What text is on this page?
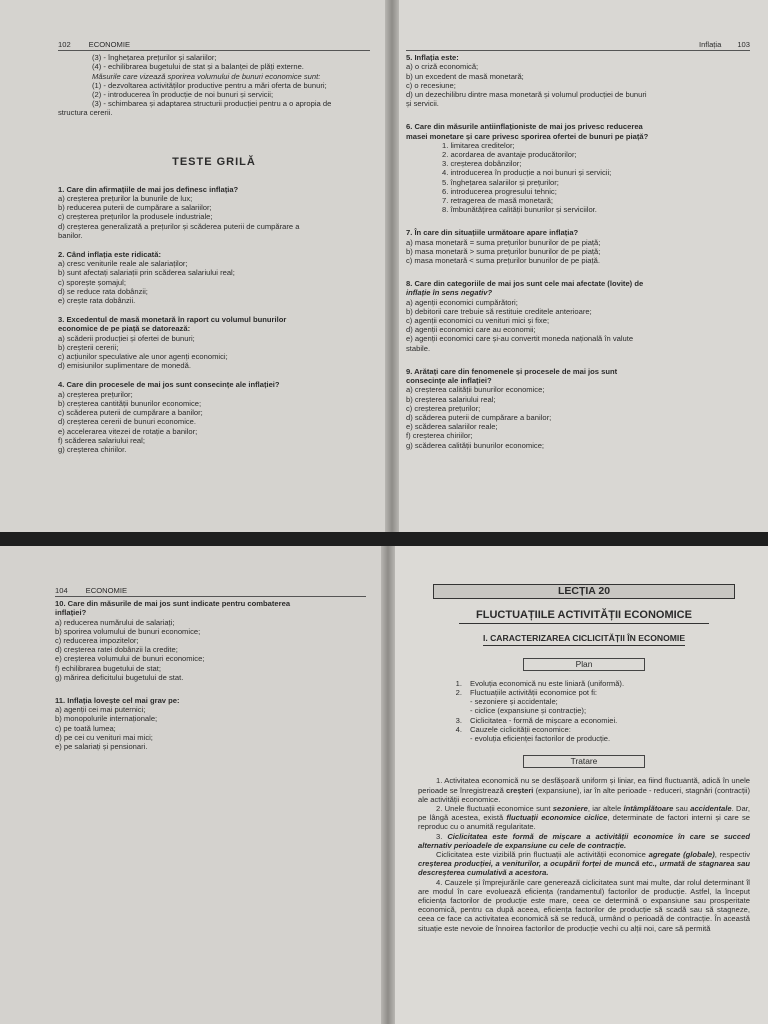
102 ECONOMIE
(3) - înghețarea prețurilor și salariilor;
(4) - echilibrarea bugetului de stat și a balanței de plăți externe.
Măsurile care vizează sporirea volumului de bunuri economice sunt:
(1) - dezvoltarea activităților productive pentru a mări oferta de bunuri;
(2) - introducerea în producție de noi bunuri și servicii;
(3) - schimbarea și adaptarea structurii producției pentru a o apropia de
structura cererii.
TESTE GRILĂ
1. Care din afirmațiile de mai jos definesc inflația?
a) creșterea prețurilor la bunurile de lux;
b) reducerea puterii de cumpărare a salariilor;
c) creșterea prețurilor la produsele industriale;
d) creșterea generalizată a prețurilor și scăderea puterii de cumpărare a
banilor.
2. Când inflația este ridicată:
a) cresc veniturile reale ale salariaților;
b) sunt afectați salariații prin scăderea salariului real;
c) sporește șomajul;
d) se reduce rata dobânzii;
e) crește rata dobânzii.
3. Excedentul de masă monetară în raport cu volumul bunurilor
economice de pe piață se datorează:
a) scăderii producției și ofertei de bunuri;
b) creșterii cererii;
c) acțiunilor speculative ale unor agenți economici;
d) emisiunilor suplimentare de monedă.
4. Care din procesele de mai jos sunt consecințe ale inflației?
a) creșterea prețurilor;
b) creșterea cantității bunurilor economice;
c) scăderea puterii de cumpărare a banilor;
d) creșterea cererii de bunuri economice.
e) accelerarea vitezei de rotație a banilor;
f) scăderea salariului real;
g) creșterea chiriilor.
Inflația 103
5. Inflația este:
a) o criză economică;
b) un excedent de masă monetară;
c) o recesiune;
d) un dezechilibru dintre masa monetară și volumul producției de bunuri
și servicii.
6. Care din măsurile antiinflaționiste de mai jos privesc reducerea
masei monetare și care privesc sporirea ofertei de bunuri pe piață?
1. limitarea creditelor;
2. acordarea de avantaje producătorilor;
3. creșterea dobânzilor;
4. introducerea în producție a noi bunuri și servicii;
5. înghețarea salariilor și prețurilor;
6. introducerea progresului tehnic;
7. retragerea de masă monetară;
8. îmbunătățirea calității bunurilor și serviciilor.
7. În care din situațiile următoare apare inflația?
a) masa monetară = suma prețurilor bunurilor de pe piață;
b) masa monetară > suma prețurilor bunurilor de pe piață;
c) masa monetară < suma prețurilor bunurilor de pe piață.
8. Care din categoriile de mai jos sunt cele mai afectate (lovite) de
inflație în sens negativ?
a) agenții economici cumpărători;
b) debitorii care trebuie să restituie creditele anterioare;
c) agenții economici cu venituri mici și fixe;
d) agenții economici care au economii;
e) agenții economici care și-au convertit moneda națională în valute
stabile.
9. Arătați care din fenomenele și procesele de mai jos sunt
consecințe ale inflației?
a) creșterea calității bunurilor economice;
b) creșterea salariului real;
c) creșterea prețurilor;
d) scăderea puterii de cumpărare a banilor;
e) scăderea salariilor reale;
f) creșterea chiriilor;
g) scăderea calității bunurilor economice;
104 ECONOMIE
10. Care din măsurile de mai jos sunt indicate pentru combaterea
inflației?
a) reducerea numărului de salariați;
b) sporirea volumului de bunuri economice;
c) reducerea impozitelor;
d) creșterea ratei dobânzii la credite;
e) creșterea volumului de bunuri economice;
f) echilibrarea bugetului de stat;
g) mărirea deficitului bugetului de stat.
11. Inflația lovește cel mai grav pe:
a) agenții cei mai puternici;
b) monopolurile internaționale;
c) pe toată lumea;
d) pe cei cu venituri mai mici;
e) pe salariați și pensionari.
LECȚIA 20
FLUCTUAȚIILE ACTIVITĂȚII ECONOMICE
I. CARACTERIZAREA CICLICITĂȚII ÎN ECONOMIE
Plan
1.	Evoluția economică nu este liniară (uniformă).
2.	Fluctuațiile activității economice pot fi:
- sezoniere și accidentale;
- ciclice (expansiune și contracție);
3.	Ciclicitatea - formă de mișcare a economiei.
4.	Cauzele ciclicității economice:
- evoluția eficienței factorilor de producție.
Tratare

1. Activitatea economică nu se desfășoară uniform și liniar, ea fiind fluctuantă, adică în unele perioade se înregistrează creșteri (expansiune), iar în alte perioade - reduceri, stagnări (contracții) ale activității economice.

2. Unele fluctuații economice sunt sezoniere, iar altele întâmplătoare sau accidentale. Dar, pe lângă acestea, există fluctuații economice ciclice, determinate de factori interni și care se reproduc cu o anumită regularitate.

3. Ciclicitatea este formă de mișcare a activității economice în care se succed alternativ perioadele de expansiune cu cele de contracție.

Ciclicitatea este vizibilă prin fluctuații ale activității economice agregate (globale), respectiv creșterea producției, a veniturilor, a ocupării forței de muncă etc., urmată de stagnarea sau descreșterea cumulativă a acestora.

4. Cauzele și împrejurările care generează ciclicitatea sunt mai multe, dar rolul determinant îl are modul în care evoluează eficiența (randamentul) factorilor de producție. Astfel, la început eficiența factorilor de producție este mare, ceea ce determină o expansiune sau prosperitate economică, pentru ca după aceea, eficiența factorilor de producție să scadă sau să stagneze, ceea ce face ca activitatea economică să se reducă, urmând o perioadă de contracție. În această situație este nevoie de înnoirea factorilor de producție vechi cu alții noi, care să permită
